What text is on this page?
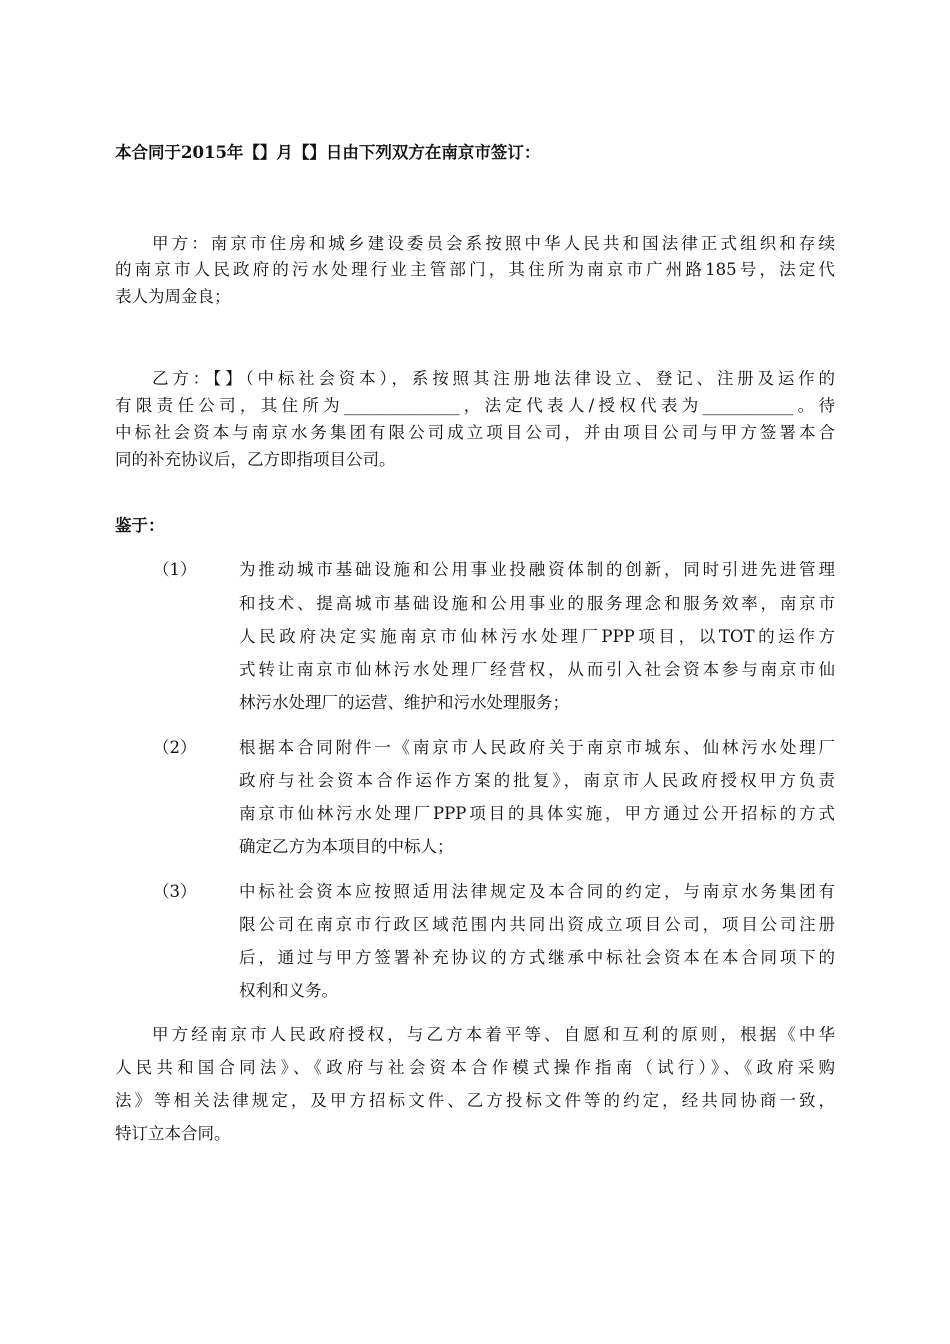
本合同于2015年【】月【】日由下列双方在南京市签订：
甲方：南京市住房和城乡建设委员会系按照中华人民共和国法律正式组织和存续
的南京市人民政府的污水处理行业主管部门，其住所为南京市广州路185号，法定代
表人为周金良；
乙方：【】（中标社会资本），系按照其注册地法律设立、登记、注册及运作的
有限责任公司，其住所为______________，法定代表人/授权代表为___________。待
中标社会资本与南京水务集团有限公司成立项目公司，并由项目公司与甲方签署本合
同的补充协议后，乙方即指项目公司。
鉴于：
（1）	为推动城市基础设施和公用事业投融资体制的创新，同时引进先进管理
和技术、提高城市基础设施和公用事业的服务理念和服务效率，南京市
人民政府决定实施南京市仙林污水处理厂PPP项目，以TOT的运作方
式转让南京市仙林污水处理厂经营权，从而引入社会资本参与南京市仙
林污水处理厂的运营、维护和污水处理服务；
（2）	根据本合同附件一《南京市人民政府关于南京市城东、仙林污水处理厂
政府与社会资本合作运作方案的批复》，南京市人民政府授权甲方负责
南京市仙林污水处理厂PPP项目的具体实施，甲方通过公开招标的方式
确定乙方为本项目的中标人；
（3）	中标社会资本应按照适用法律规定及本合同的约定，与南京水务集团有
限公司在南京市行政区域范围内共同出资成立项目公司，项目公司注册
后，通过与甲方签署补充协议的方式继承中标社会资本在本合同项下的
权利和义务。
甲方经南京市人民政府授权，与乙方本着平等、自愿和互利的原则，根据《中华
人民共和国合同法》、《政府与社会资本合作模式操作指南（试行）》、《政府采购
法》等相关法律规定，及甲方招标文件、乙方投标文件等的约定，经共同协商一致，
特订立本合同。
